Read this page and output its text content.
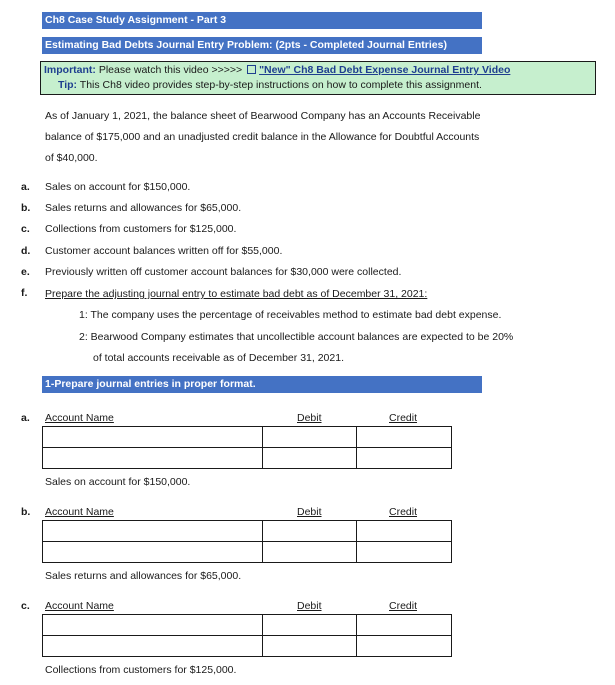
Ch8 Case Study Assignment - Part 3
Estimating Bad Debts Journal Entry Problem: (2pts - Completed Journal Entries)
Important: Please watch this video >>>>> "New" Ch8 Bad Debt Expense Journal Entry Video
Tip: This Ch8 video provides step-by-step instructions on how to complete this assignment.
As of January 1, 2021, the balance sheet of Bearwood Company has an Accounts Receivable
balance of $175,000 and an unadjusted credit balance in the Allowance for Doubtful Accounts
of $40,000.
a. Sales on account for $150,000.
b. Sales returns and allowances for $65,000.
c. Collections from customers for $125,000.
d. Customer account balances written off for $55,000.
e. Previously written off customer account balances for $30,000 were collected.
f. Prepare the adjusting journal entry to estimate bad debt as of December 31, 2021:
1: The company uses the percentage of receivables method to estimate bad debt expense.
2: Bearwood Company estimates that uncollectible account balances are expected to be 20%
of total accounts receivable as of December 31, 2021.
1-Prepare journal entries in proper format.
a. Account Name	Debit	Credit

Sales on account for $150,000.
b. Account Name	Debit	Credit

Sales returns and allowances for $65,000.
c. Account Name	Debit	Credit

Collections from customers for $125,000.
